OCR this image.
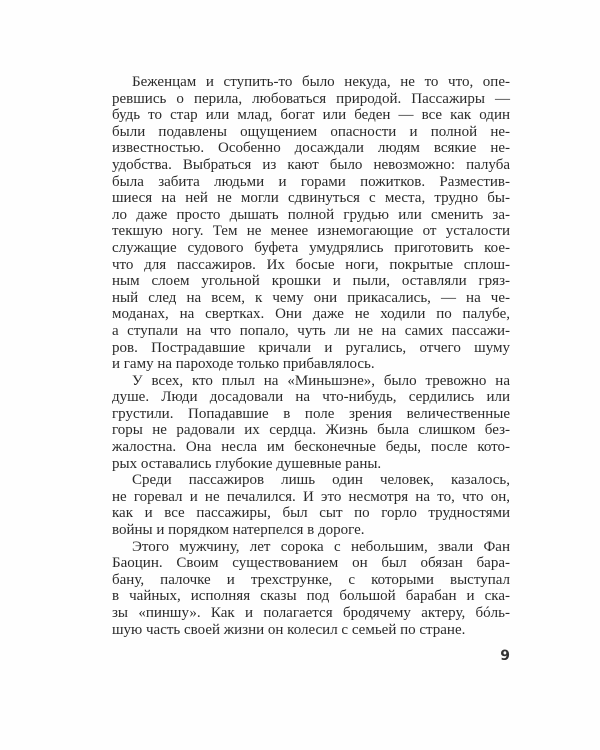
Беженцам и ступить-то было некуда, не то что, опе-
ревшись о перила, любоваться природой. Пассажиры —
будь то стар или млад, богат или беден — все как один
были подавлены ощущением опасности и полной не-
известностью. Особенно досаждали людям всякие не-
удобства. Выбраться из кают было невозможно: палуба
была забита людьми и горами пожитков. Разместив-
шиеся на ней не могли сдвинуться с места, трудно бы-
ло даже просто дышать полной грудью или сменить за-
текшую ногу. Тем не менее изнемогающие от усталости
служащие судового буфета умудрялись приготовить кое-
что для пассажиров. Их босые ноги, покрытые сплош-
ным слоем угольной крошки и пыли, оставляли гряз-
ный след на всем, к чему они прикасались, — на че-
моданах, на свертках. Они даже не ходили по палубе,
а ступали на что попало, чуть ли не на самих пассажи-
ров. Пострадавшие кричали и ругались, отчего шуму
и гаму на пароходе только прибавлялось.
У всех, кто плыл на «Миньшэне», было тревожно на
душе. Люди досадовали на что-нибудь, сердились или
грустили. Попадавшие в поле зрения величественные
горы не радовали их сердца. Жизнь была слишком без-
жалостна. Она несла им бесконечные беды, после кото-
рых оставались глубокие душевные раны.
Среди пассажиров лишь один человек, казалось,
не горевал и не печалился. И это несмотря на то, что он,
как и все пассажиры, был сыт по горло трудностями
войны и порядком натерпелся в дороге.
Этого мужчину, лет сорока с небольшим, звали Фан
Баоцин. Своим существованием он был обязан бара-
бану, палочке и трехструнке, с которыми выступал
в чайных, исполняя сказы под большой барабан и ска-
зы «пиншу». Как и полагается бродячему актеру, бóль-
шую часть своей жизни он колесил с семьей по стране.
9
